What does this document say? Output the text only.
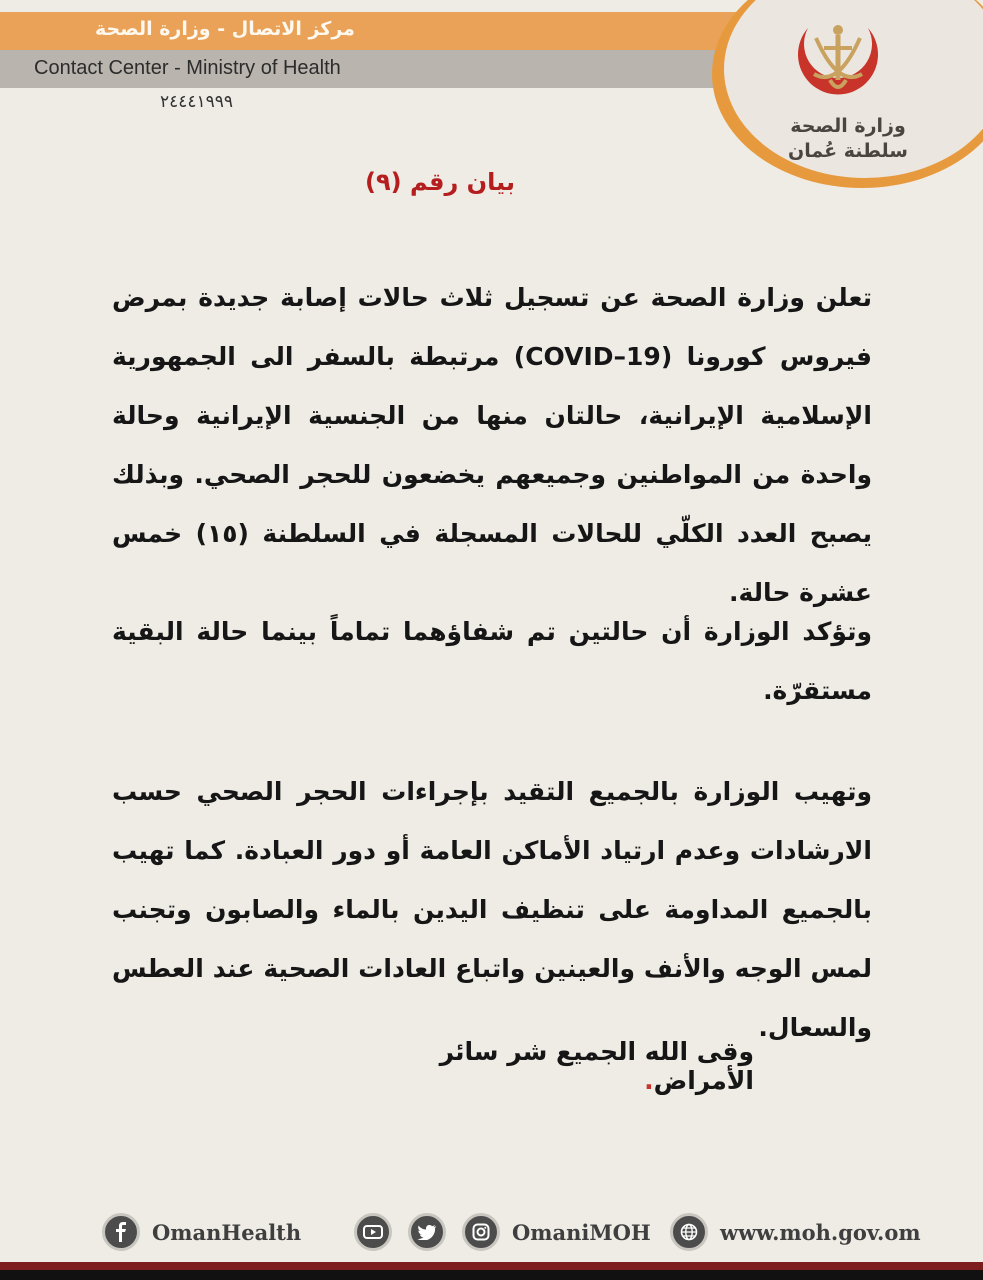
مركز الاتصال - وزارة الصحة
Contact Center - Ministry of Health
٢٤٤٤١٩٩٩
وزارة الصحة
سلطنة عُمان
بيان رقم (٩)
تعلن وزارة الصحة عن تسجيل ثلاث حالات إصابة جديدة بمرض فيروس كورونا (COVID–19) مرتبطة بالسفر الى الجمهورية الإسلامية الإيرانية، حالتان منها من الجنسية الإيرانية وحالة واحدة من المواطنين وجميعهم يخضعون للحجر الصحي. وبذلك يصبح العدد الكلّي للحالات المسجلة في السلطنة (١٥) خمس عشرة حالة.
وتؤكد الوزارة أن حالتين تم شفاؤهما تماماً بينما حالة البقية مستقرّة.
وتهيب الوزارة بالجميع التقيد بإجراءات الحجر الصحي حسب الارشادات وعدم ارتياد الأماكن العامة أو دور العبادة. كما تهيب بالجميع المداومة على تنظيف اليدين بالماء والصابون وتجنب لمس الوجه والأنف والعينين واتباع العادات الصحية عند العطس والسعال.
وقى الله الجميع شر سائر الأمراض.
OmanHealth	OmaniMOH	www.moh.gov.om
